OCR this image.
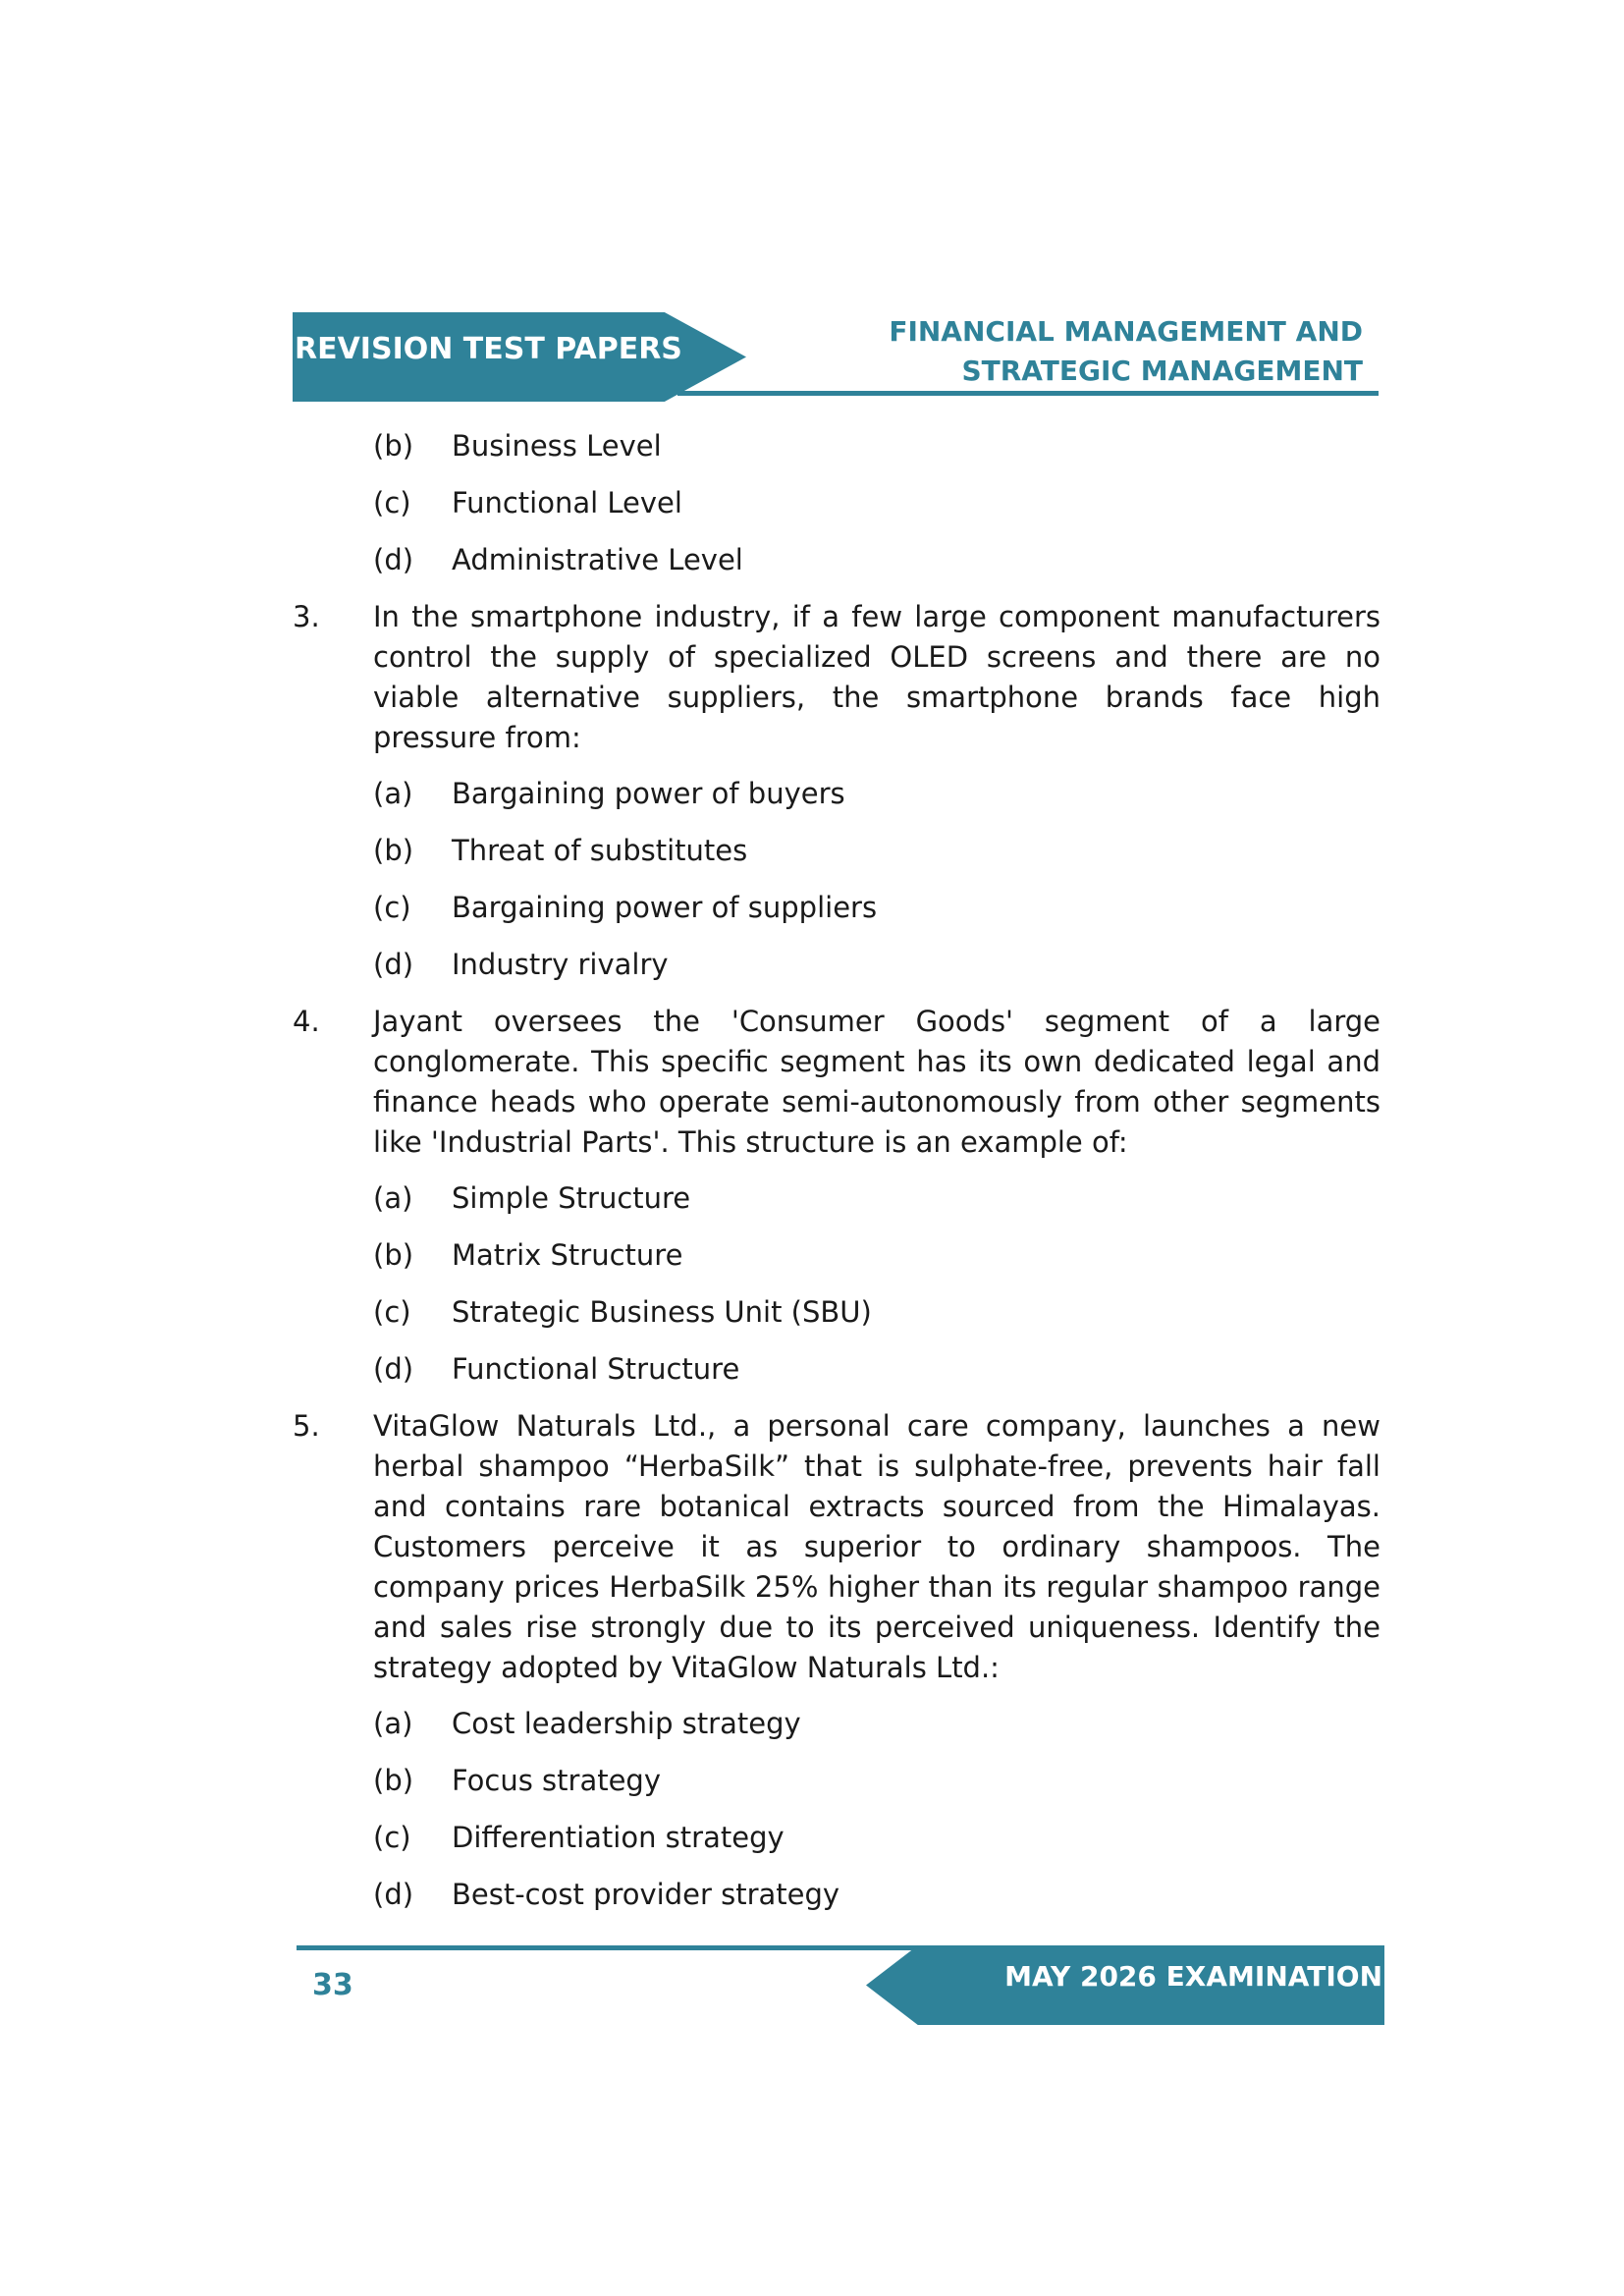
REVISION TEST PAPERS
FINANCIAL MANAGEMENT AND
STRATEGIC MANAGEMENT
(b) Business Level
(c) Functional Level
(d) Administrative Level
3. In the smartphone industry, if a few large component manufacturers control the supply of specialized OLED screens and there are no viable alternative suppliers, the smartphone brands face high pressure from:
(a) Bargaining power of buyers
(b) Threat of substitutes
(c) Bargaining power of suppliers
(d) Industry rivalry
4. Jayant oversees the 'Consumer Goods' segment of a large conglomerate. This specific segment has its own dedicated legal and finance heads who operate semi-autonomously from other segments like 'Industrial Parts'. This structure is an example of:
(a) Simple Structure
(b) Matrix Structure
(c) Strategic Business Unit (SBU)
(d) Functional Structure
5. VitaGlow Naturals Ltd., a personal care company, launches a new herbal shampoo “HerbaSilk” that is sulphate-free, prevents hair fall and contains rare botanical extracts sourced from the Himalayas. Customers perceive it as superior to ordinary shampoos. The company prices HerbaSilk 25% higher than its regular shampoo range and sales rise strongly due to its perceived uniqueness. Identify the strategy adopted by VitaGlow Naturals Ltd.:
(a) Cost leadership strategy
(b) Focus strategy
(c) Differentiation strategy
(d) Best-cost provider strategy
33	MAY 2026 EXAMINATION
